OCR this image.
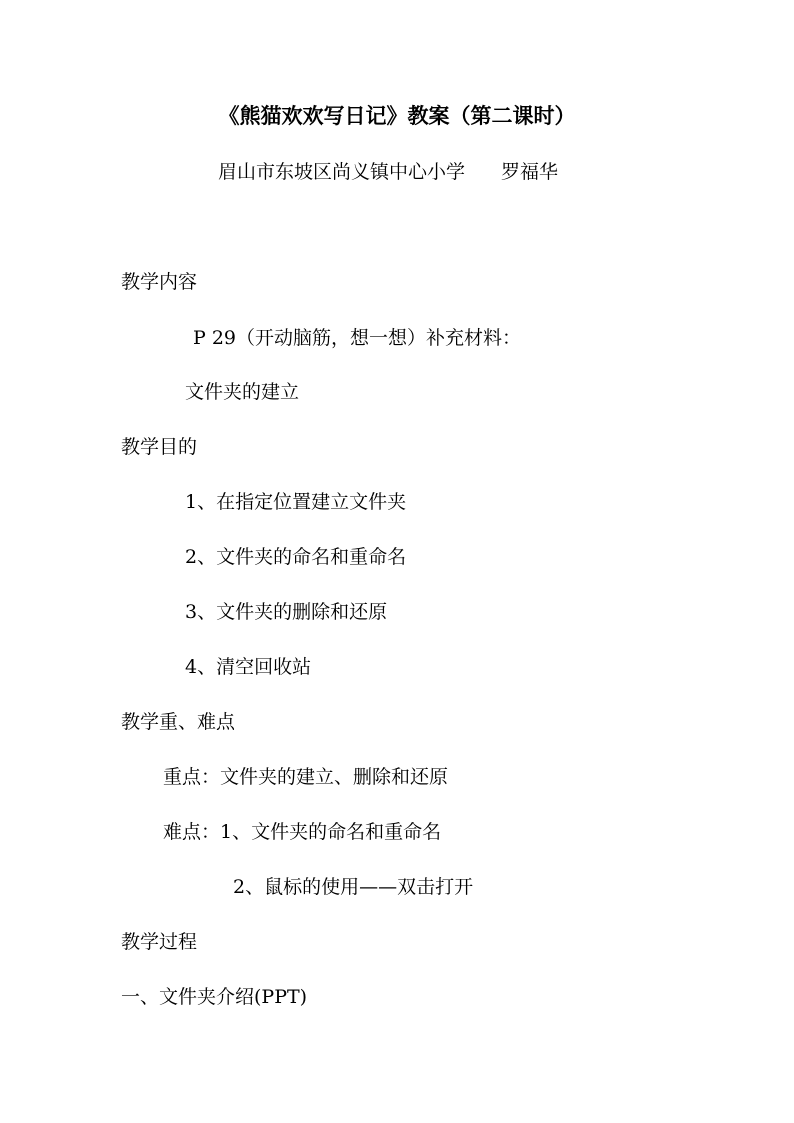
《熊猫欢欢写日记》教案（第二课时）
眉山市东坡区尚义镇中心小学 罗福华
教学内容
P 29（开动脑筋，想一想）补充材料：
文件夹的建立
教学目的
1、在指定位置建立文件夹
2、文件夹的命名和重命名
3、文件夹的删除和还原
4、清空回收站
教学重、难点
重点：文件夹的建立、删除和还原
难点：1、文件夹的命名和重命名
2、鼠标的使用——双击打开
教学过程
一、文件夹介绍(PPT)
